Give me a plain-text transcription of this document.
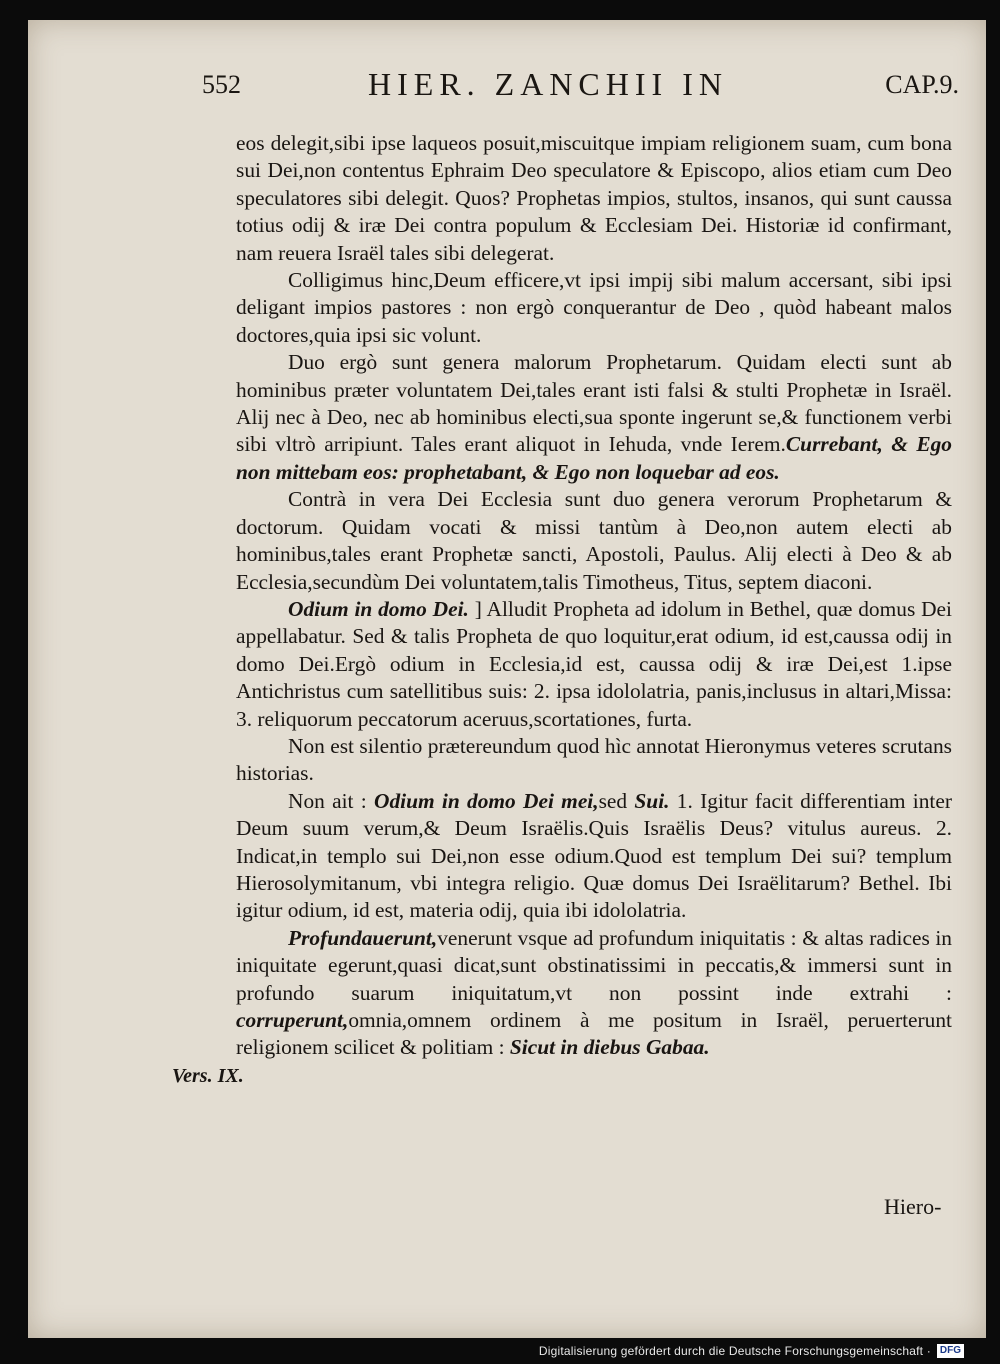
552	HIER. ZANCHII IN	CAP.9.

eos delegit,sibi ipse laqueos posuit,miscuitque impiam religionem suam, cum bona sui Dei,non contentus Ephraim Deo speculatore & Episcopo, alios etiam cum Deo speculatores sibi delegit. Quos? Prophetas impios, stultos, insanos, qui sunt caussa totius odij & iræ Dei contra populum & Ecclesiam Dei. Historiæ id confirmant, nam reuera Israël tales sibi delegerat.

Colligimus hinc,Deum efficere,vt ipsi impij sibi malum accersant, sibi ipsi deligant impios pastores : non ergò conquerantur de Deo , quòd habeant malos doctores,quia ipsi sic volunt.

Duo ergò sunt genera malorum Prophetarum. Quidam electi sunt ab hominibus præter voluntatem Dei,tales erant isti falsi & stulti Prophetæ in Israël. Alij nec à Deo, nec ab hominibus electi,sua sponte ingerunt se,& functionem verbi sibi vltrò arripiunt. Tales erant aliquot in Iehuda, vnde Ierem.Currebant, & Ego non mittebam eos: prophetabant, & Ego non loquebar ad eos.

Contrà in vera Dei Ecclesia sunt duo genera verorum Prophetarum & doctorum. Quidam vocati & missi tantùm à Deo,non autem electi ab hominibus,tales erant Prophetæ sancti, Apostoli, Paulus. Alij electi à Deo & ab Ecclesia,secundùm Dei voluntatem,talis Timotheus, Titus, septem diaconi.

Odium in domo Dei. ] Alludit Propheta ad idolum in Bethel, quæ domus Dei appellabatur. Sed & talis Propheta de quo loquitur,erat odium, id est,caussa odij in domo Dei.Ergò odium in Ecclesia,id est, caussa odij & iræ Dei,est 1.ipse Antichristus cum satellitibus suis: 2. ipsa idololatria, panis,inclusus in altari,Missa: 3. reliquorum peccatorum aceruus,scortationes, furta.

Non est silentio prætereundum quod hìc annotat Hieronymus veteres scrutans historias.

Non ait : Odium in domo Dei mei,sed Sui. 1. Igitur facit differentiam inter Deum suum verum,& Deum Israëlis.Quis Israëlis Deus? vitulus aureus. 2. Indicat,in templo sui Dei,non esse odium.Quod est templum Dei sui? templum Hierosolymitanum, vbi integra religio. Quæ domus Dei Israëlitarum? Bethel. Ibi igitur odium, id est, materia odij, quia ibi idololatria.

Profundauerunt,venerunt vsque ad profundum iniquitatis : & altas radices in iniquitate egerunt,quasi dicat,sunt obstinatissimi in peccatis,& immersi sunt in profundo suarum iniquitatum,vt non possint inde extrahi : corruperunt,omnia,omnem ordinem à me positum in Israël, peruerterunt religionem scilicet & politiam : Sicut in diebus Gabaa.

Vers. IX.
Hiero-
Digitalisierung gefördert durch die Deutsche Forschungsgemeinschaft · DFG
